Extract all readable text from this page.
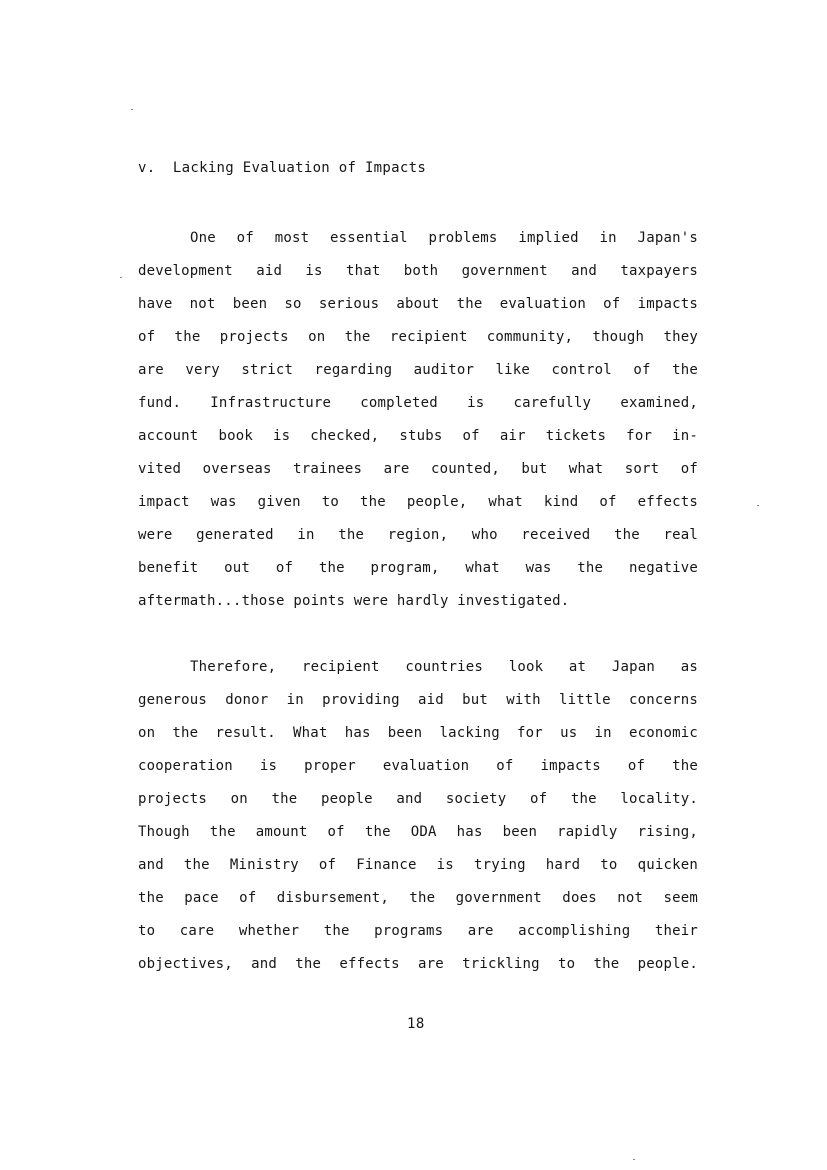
v.  Lacking Evaluation of Impacts
One of most essential problems implied in Japan's
development aid is that both government and taxpayers
have not been so serious about the evaluation of impacts
of the projects on the recipient community, though they
are very strict regarding auditor like control of the
fund. Infrastructure completed is carefully examined,
account book is checked, stubs of air tickets for in-
vited overseas trainees are counted, but what sort of
impact was given to the people, what kind of effects
were generated in the region, who received the real
benefit out of the program, what was the negative
aftermath...those points were hardly investigated.
Therefore, recipient countries look at Japan as
generous donor in providing aid but with little concerns
on the result. What has been lacking for us in economic
cooperation is proper evaluation of impacts of the
projects on the people and society of the locality.
Though the amount of the ODA has been rapidly rising,
and the Ministry of Finance is trying hard to quicken
the pace of disbursement, the government does not seem
to care whether the programs are accomplishing their
objectives, and the effects are trickling to the people.
18
